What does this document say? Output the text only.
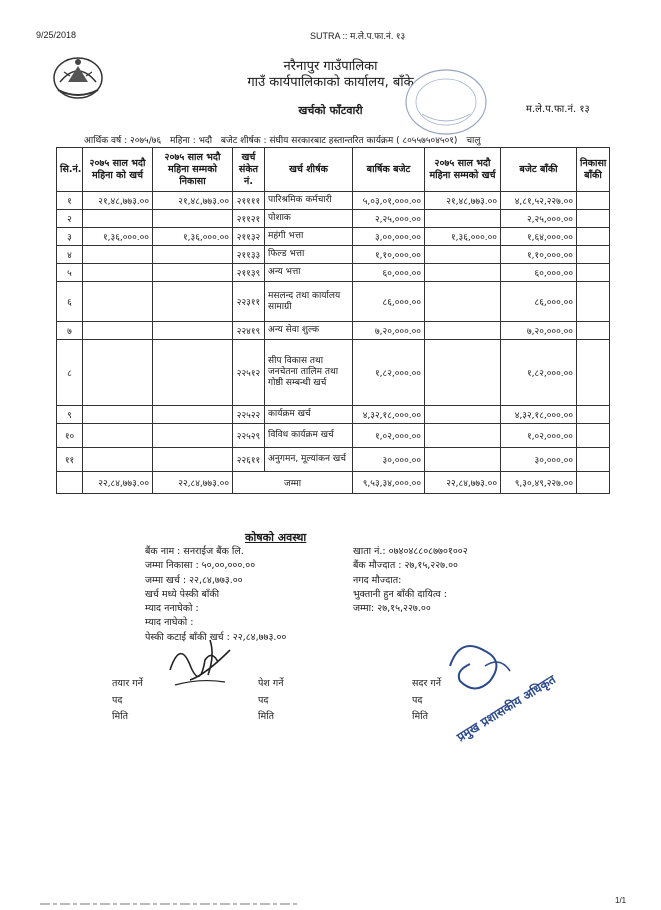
9/25/2018	SUTRA :: म.ले.प.फा.नं. १३
नरैनापुर गाउँपालिका
गाउँ कार्यपालिकाको कार्यालय, बाँके
खर्चको फाँटवारी	म.ले.प.फा.नं. १३
आर्थिक वर्ष : २०७५/७६ महिना : भदौ बजेट शीर्षक : संघीय सरकारबाट हस्तान्तरित कार्यक्रम ( ८०५५७५०४५०१) चालु
सि.नं.	२०७५ साल भदौ महिना को खर्च	२०७५ साल भदौ महिना सम्मको निकासा	खर्च संकेत नं.	खर्च शीर्षक	बार्षिक बजेट	२०७५ साल भदौ महिना सम्मको खर्च	बजेट बाँकी	निकासा बाँकी
१	२१,४८,७७३.००	२१,४८,७७३.००	२११११	पारिश्रमिक कर्मचारी	५,०३,०१,०००.००	२१,४८,७७३.००	४,८१,५२,२२७.००	
२			२११२१	पोशाक	२,२५,०००.००		२,२५,०००.००	
३	१,३६,०००.००	१,३६,०००.००	२११३२	महंगी भत्ता	३,००,०००.००	१,३६,०००.००	१,६४,०००.००	
४			२११३३	फिल्ड भत्ता	१,१०,०००.००		१,१०,०००.००	
५			२११३९	अन्य भत्ता	६०,०००.००		६०,०००.००	
६			२२३११	मसलन्द तथा कार्यालय सामाग्री	८६,०००.००		८६,०००.००	
७			२२४१९	अन्य सेवा शुल्क	७,२०,०००.००		७,२०,०००.००	
८			२२५१२	सीप विकास तथा जनचेतना तालिम तथा गोष्ठी सम्बन्धी खर्च	१,८२,०००.००		१,८२,०००.००	
९			२२५२२	कार्यक्रम खर्च	४,३२,१८,०००.००		४,३२,१८,०००.००	
१०			२२५२९	विविध कार्यक्रम खर्च	१,०२,०००.००		१,०२,०००.००	
११			२२६११	अनुगमन, मूल्यांकन खर्च	३०,०००.००		३०,०००.००	
	२२,८४,७७३.००	२२,८४,७७३.००	जम्मा		९,५३,३४,०००.००	२२,८४,७७३.००	९,३०,४९,२२७.००	
कोषको अवस्था
बैंक नाम : सनराईज बैंक लि.
जम्मा निकासा : ५०,००,०००.००
जम्मा खर्च : २२,८४,७७३.००
खर्च मध्ये पेस्की बाँकी
म्याद ननाघेको :
म्याद नाघेको :
पेस्की कटाई बाँकी खर्च : २२,८४,७७३.००
खाता नं.: ०७४०४८८०८७७०१००२
बैंक मौज्दात : २७,१५,२२७.००
नगद मौज्दात:
भुक्तानी हुन बाँकी दायित्व :
जम्मा: २७,१५,२२७.००
तयार गर्ने
पद
मिति
पेश गर्ने
पद
मिति
सदर गर्ने
पद
मिति	प्रमुख प्रशासकीय अधिकृत
1/1
